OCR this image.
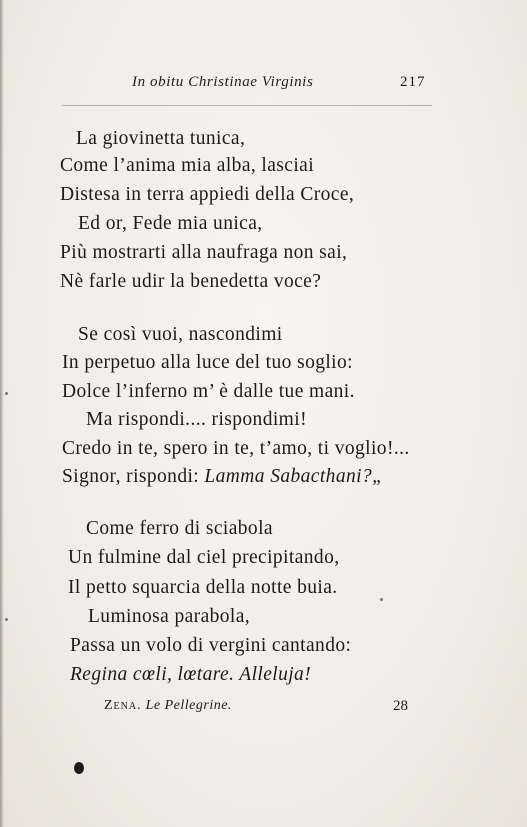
In obitu Christinae Virginis	217
La giovinetta tunica,
Come l’anima mia alba, lasciai
Distesa in terra appiedi della Croce,
Ed or, Fede mia unica,
Più mostrarti alla naufraga non sai,
Nè farle udir la benedetta voce?
Se così vuoi, nascondimi
In perpetuo alla luce del tuo soglio:
Dolce l’inferno m’ è dalle tue mani.
Ma rispondi.... rispondimi!
Credo in te, spero in te, t’amo, ti voglio!...
Signor, rispondi: Lamma Sabacthani?„
Come ferro di sciabola
Un fulmine dal ciel precipitando,
Il petto squarcia della notte buia.
Luminosa parabola,
Passa un volo di vergini cantando:
Regina cœli, lœtare. Alleluja!
Zena. Le Pellegrine.	28
